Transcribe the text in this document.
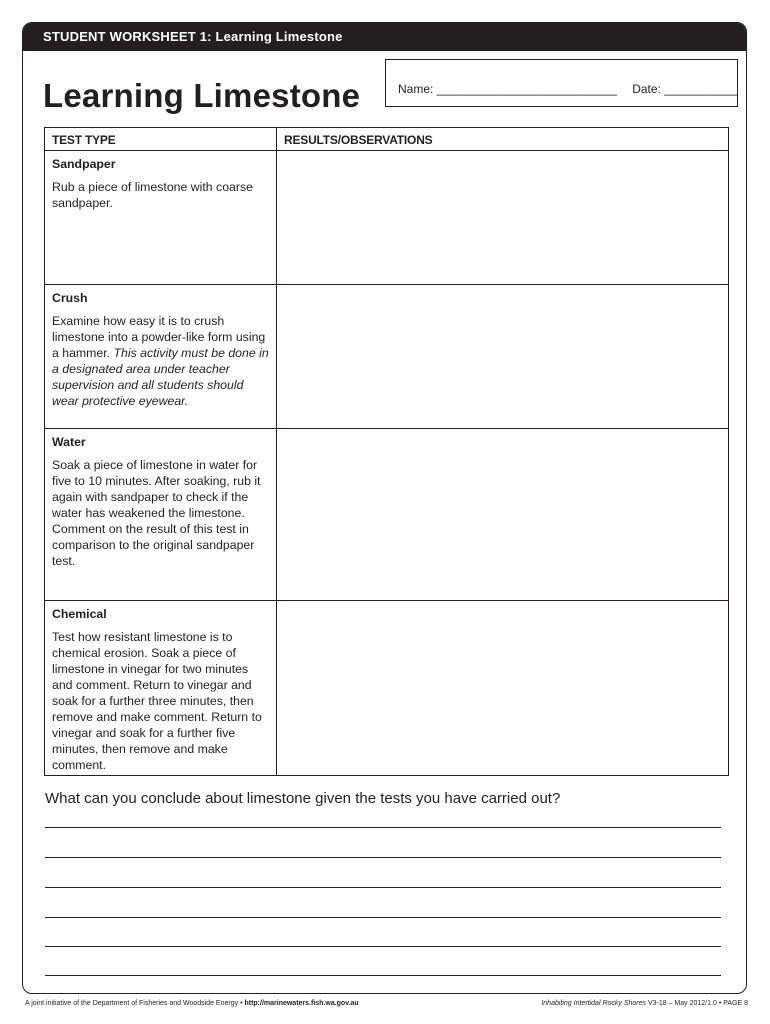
STUDENT WORKSHEET 1: Learning Limestone
Learning Limestone	Name: ___________________________ Date: ___________
TEST TYPE	RESULTS/OBSERVATIONS

Sandpaper
Rub a piece of limestone with coarse sandpaper.	

Crush
Examine how easy it is to crush limestone into a powder-like form using a hammer. This activity must be done in a designated area under teacher supervision and all students should wear protective eyewear.	

Water
Soak a piece of limestone in water for five to 10 minutes. After soaking, rub it again with sandpaper to check if the water has weakened the limestone. Comment on the result of this test in comparison to the original sandpaper test.	

Chemical
Test how resistant limestone is to chemical erosion. Soak a piece of limestone in vinegar for two minutes and comment. Return to vinegar and soak for a further three minutes, then remove and make comment. Return to vinegar and soak for a further five minutes, then remove and make comment.	

What can you conclude about limestone given the tests you have carried out?
A joint initiative of the Department of Fisheries and Woodside Energy • http://marinewaters.fish.wa.gov.au	Inhabiting Intertidal Rocky Shores V3-18 – May 2012/1.0 • PAGE 8
